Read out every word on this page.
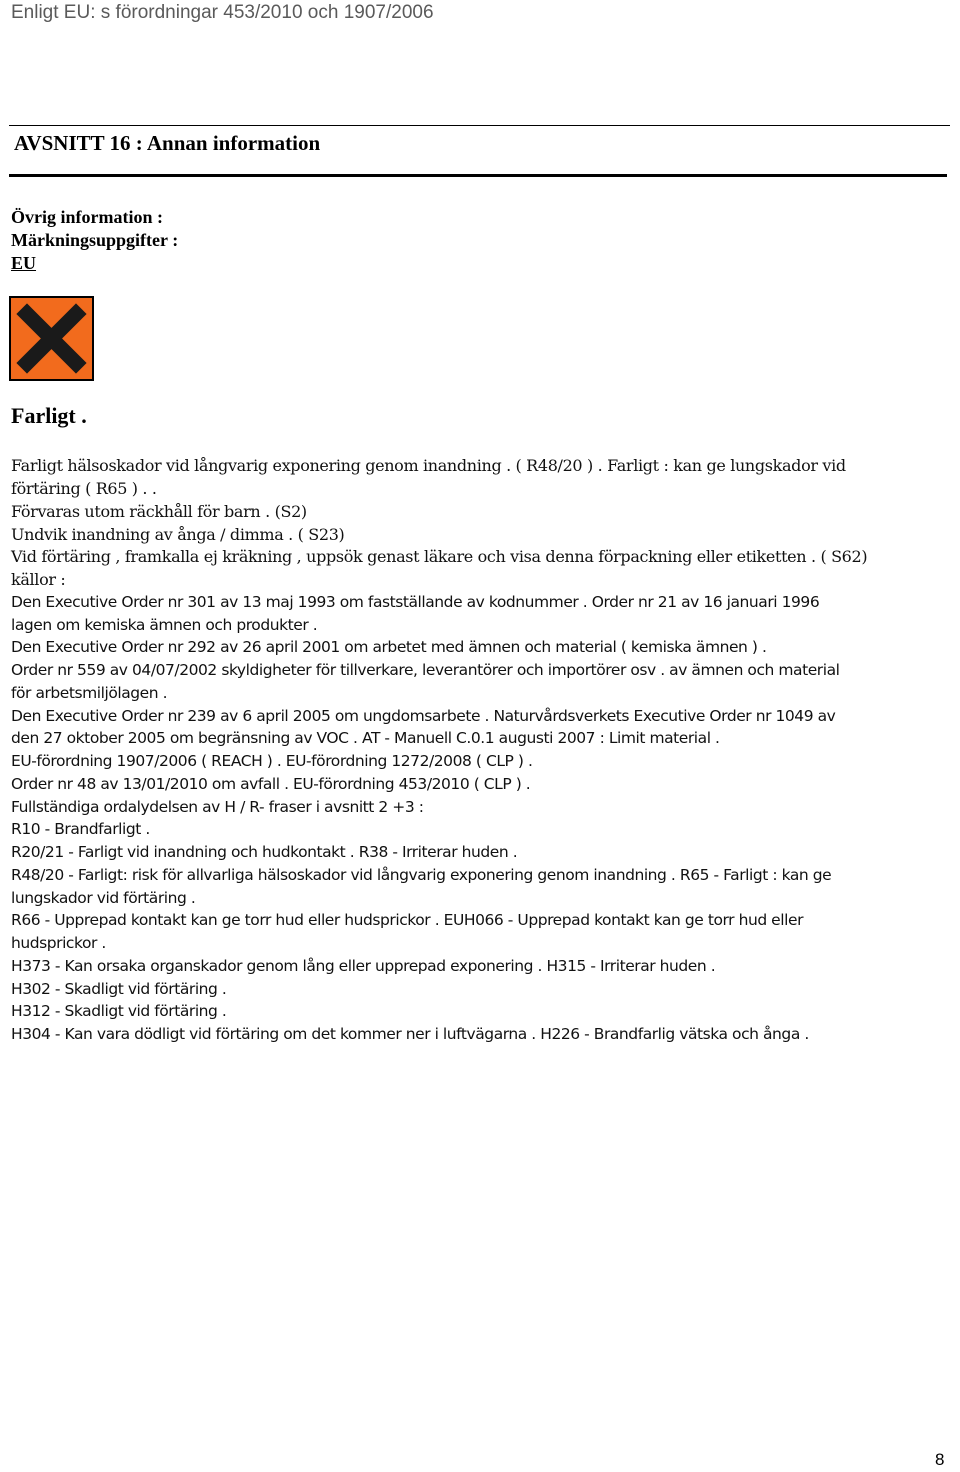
Enligt EU: s förordningar 453/2010 och 1907/2006
AVSNITT 16 : Annan information
Övrig information :
Märkningsuppgifter :
EU
Farligt .
Farligt hälsoskador vid långvarig exponering genom inandning . ( R48/20 ) . Farligt : kan ge lungskador vid
förtäring ( R65 ) . .
Förvaras utom räckhåll för barn . (S2)
Undvik inandning av ånga / dimma . ( S23)
Vid förtäring , framkalla ej kräkning , uppsök genast läkare och visa denna förpackning eller etiketten . ( S62)
källor :
Den Executive Order nr 301 av 13 maj 1993 om fastställande av kodnummer . Order nr 21 av 16 januari 1996
lagen om kemiska ämnen och produkter .
Den Executive Order nr 292 av 26 april 2001 om arbetet med ämnen och material ( kemiska ämnen ) .
Order nr 559 av 04/07/2002 skyldigheter för tillverkare, leverantörer och importörer osv . av ämnen och material
för arbetsmiljölagen .
Den Executive Order nr 239 av 6 april 2005 om ungdomsarbete . Naturvårdsverkets Executive Order nr 1049 av
den 27 oktober 2005 om begränsning av VOC . AT - Manuell C.0.1 augusti 2007 : Limit material .
EU-förordning 1907/2006 ( REACH ) . EU-förordning 1272/2008 ( CLP ) .
Order nr 48 av 13/01/2010 om avfall . EU-förordning 453/2010 ( CLP ) .
Fullständiga ordalydelsen av H / R- fraser i avsnitt 2 +3 :
R10 - Brandfarligt .
R20/21 - Farligt vid inandning och hudkontakt . R38 - Irriterar huden .
R48/20 - Farligt: risk för allvarliga hälsoskador vid långvarig exponering genom inandning . R65 - Farligt : kan ge
lungskador vid förtäring .
R66 - Upprepad kontakt kan ge torr hud eller hudsprickor . EUH066 - Upprepad kontakt kan ge torr hud eller
hudsprickor .
H373 - Kan orsaka organskador genom lång eller upprepad exponering . H315 - Irriterar huden .
H302 - Skadligt vid förtäring .
H312 - Skadligt vid förtäring .
H304 - Kan vara dödligt vid förtäring om det kommer ner i luftvägarna . H226 - Brandfarlig vätska och ånga .
8
